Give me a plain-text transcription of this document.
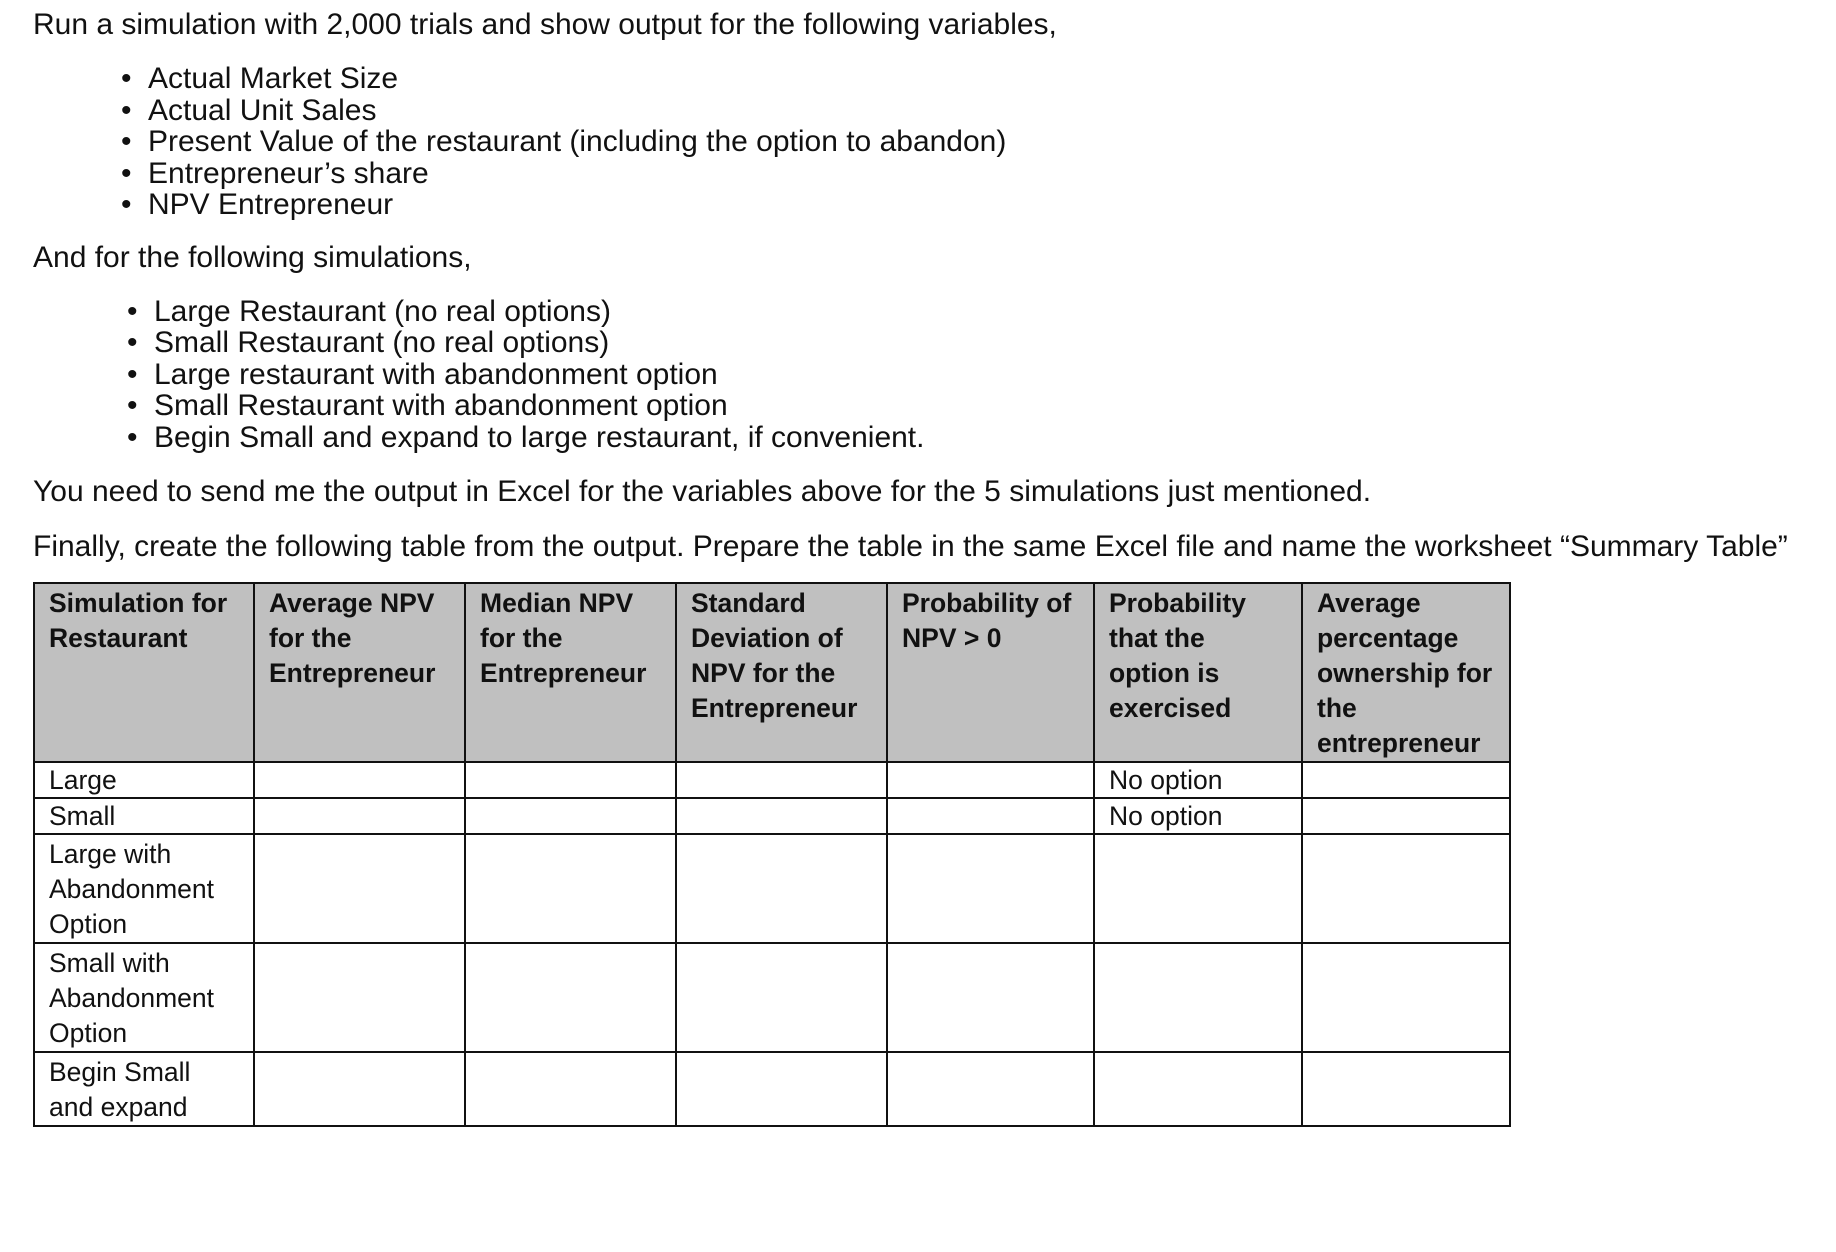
Run a simulation with 2,000 trials and show output for the following variables,

• Actual Market Size
• Actual Unit Sales
• Present Value of the restaurant (including the option to abandon)
• Entrepreneur’s share
• NPV Entrepreneur

And for the following simulations,

• Large Restaurant (no real options)
• Small Restaurant (no real options)
• Large restaurant with abandonment option
• Small Restaurant with abandonment option
• Begin Small and expand to large restaurant, if convenient.

You need to send me the output in Excel for the variables above for the 5 simulations just mentioned.

Finally, create the following table from the output. Prepare the table in the same Excel file and name the worksheet “Summary Table”

Simulation for Restaurant	Average NPV for the Entrepreneur	Median NPV for the Entrepreneur	Standard Deviation of NPV for the Entrepreneur	Probability of NPV > 0	Probability that the option is exercised	Average percentage ownership for the entrepreneur
Large					No option	
Small					No option	
Large with Abandonment Option						
Small with Abandonment Option						
Begin Small and expand						
